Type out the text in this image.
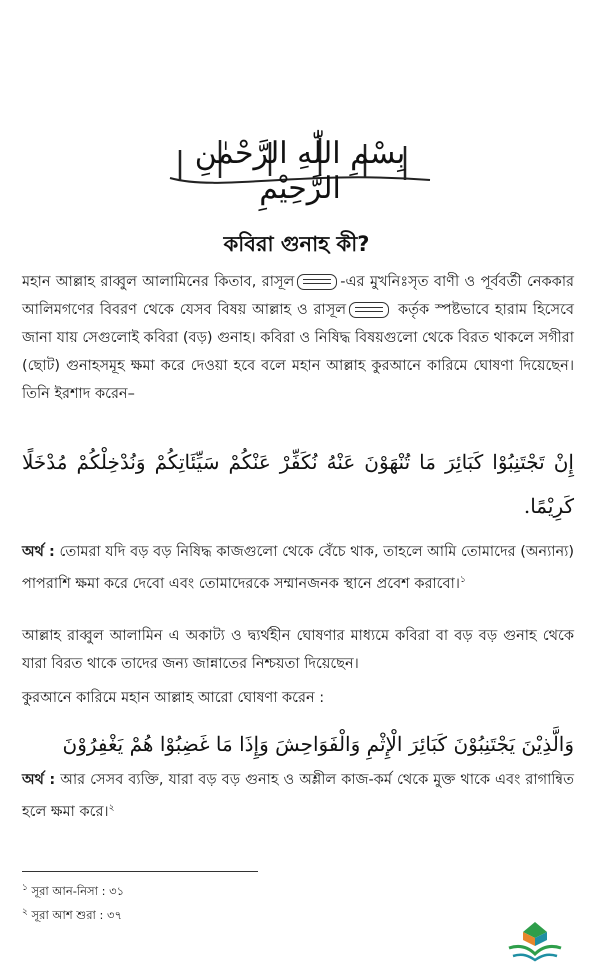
بِسْمِ اللّٰهِ الرَّحْمٰنِ الرَّحِيْمِ
কবিরা গুনাহ কী?

মহান আল্লাহ রাব্বুল আলামিনের কিতাব, রাসূল	-এর মুখনিঃসৃত বাণী ও পূর্ববর্তী নেককার আলিমগণের বিবরণ থেকে যেসব বিষয় আল্লাহ ও রাসূল	কর্তৃক স্পষ্টভাবে হারাম হিসেবে জানা যায় সেগুলোই কবিরা (বড়) গুনাহ। কবিরা ও নিষিদ্ধ বিষয়গুলো থেকে বিরত থাকলে সগীরা (ছোট) গুনাহসমূহ ক্ষমা করে দেওয়া হবে বলে মহান আল্লাহ কুরআনে কারিমে ঘোষণা দিয়েছেন। তিনি ইরশাদ করেন–

إِنْ تَجْتَنِبُوْا كَبَائِرَ مَا تُنْهَوْنَ عَنْهُ نُكَفِّرْ عَنْكُمْ سَيِّئَاتِكُمْ وَنُدْخِلْكُمْ مُدْخَلًا كَرِيْمًا.

অর্থ : তোমরা যদি বড় বড় নিষিদ্ধ কাজগুলো থেকে বেঁচে থাক, তাহলে আমি তোমাদের (অন্যান্য) পাপরাশি ক্ষমা করে দেবো এবং তোমাদেরকে সম্মানজনক স্থানে প্রবেশ করাবো।$^১$

আল্লাহ রাব্বুল আলামিন এ অকাট্য ও দ্ব্যর্থহীন ঘোষণার মাধ্যমে কবিরা বা বড় বড় গুনাহ থেকে যারা বিরত থাকে তাদের জন্য জান্নাতের নিশ্চয়তা দিয়েছেন।

কুরআনে কারিমে মহান আল্লাহ আরো ঘোষণা করেন :

وَالَّذِيْنَ يَجْتَنِبُوْنَ كَبَائِرَ الْإِثْمِ وَالْفَوَاحِشَ وَإِذَا مَا غَضِبُوْا هُمْ يَغْفِرُوْنَ

অর্থ : আর সেসব ব্যক্তি, যারা বড় বড় গুনাহ ও অশ্লীল কাজ-কর্ম থেকে মুক্ত থাকে এবং রাগান্বিত হলে ক্ষমা করে।$^২$

$^১$ সূরা আন-নিসা : ৩১
$^২$ সূরা আশ শুরা : ৩৭
